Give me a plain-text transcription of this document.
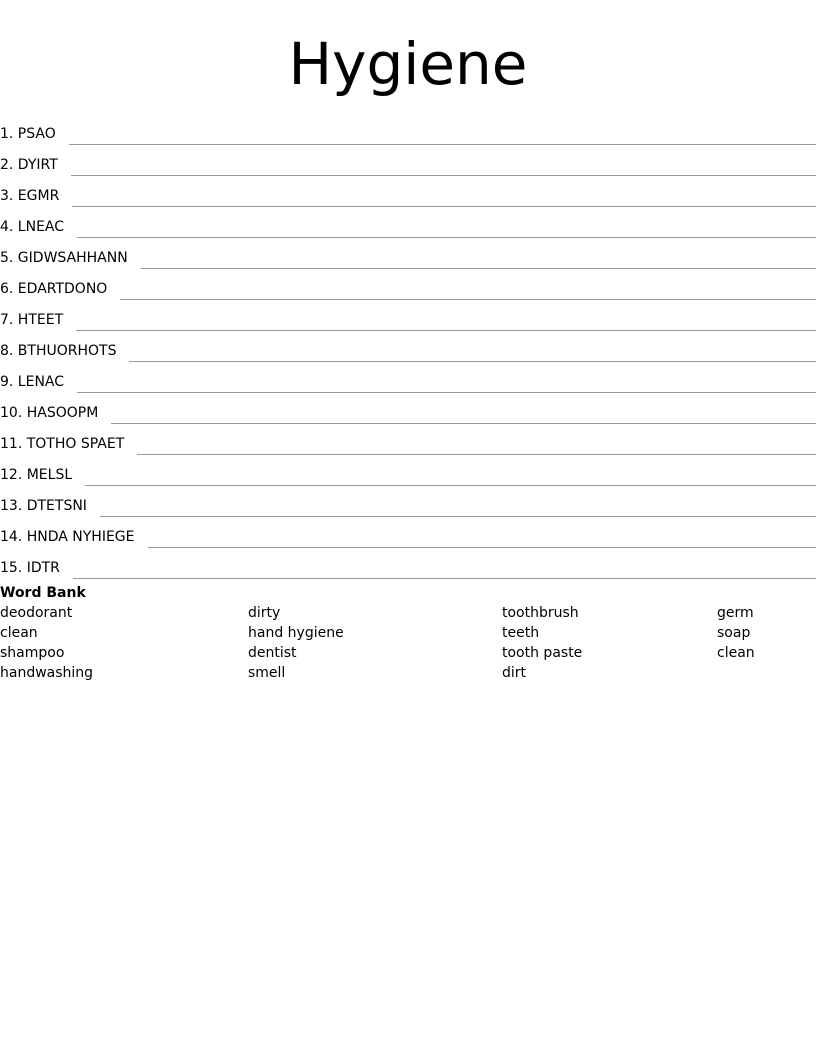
Hygiene
1. PSAO
2. DYIRT
3. EGMR
4. LNEAC
5. GIDWSAHHANN
6. EDARTDONO
7. HTEET
8. BTHUORHOTS
9. LENAC
10. HASOOPM
11. TOTHO SPAET
12. MELSL
13. DTETSNI
14. HNDA NYHIEGE
15. IDTR
Word Bank
deodorant
clean
shampoo
handwashing
dirty
hand hygiene
dentist
smell
toothbrush
teeth
tooth paste
dirt
germ
soap
clean
